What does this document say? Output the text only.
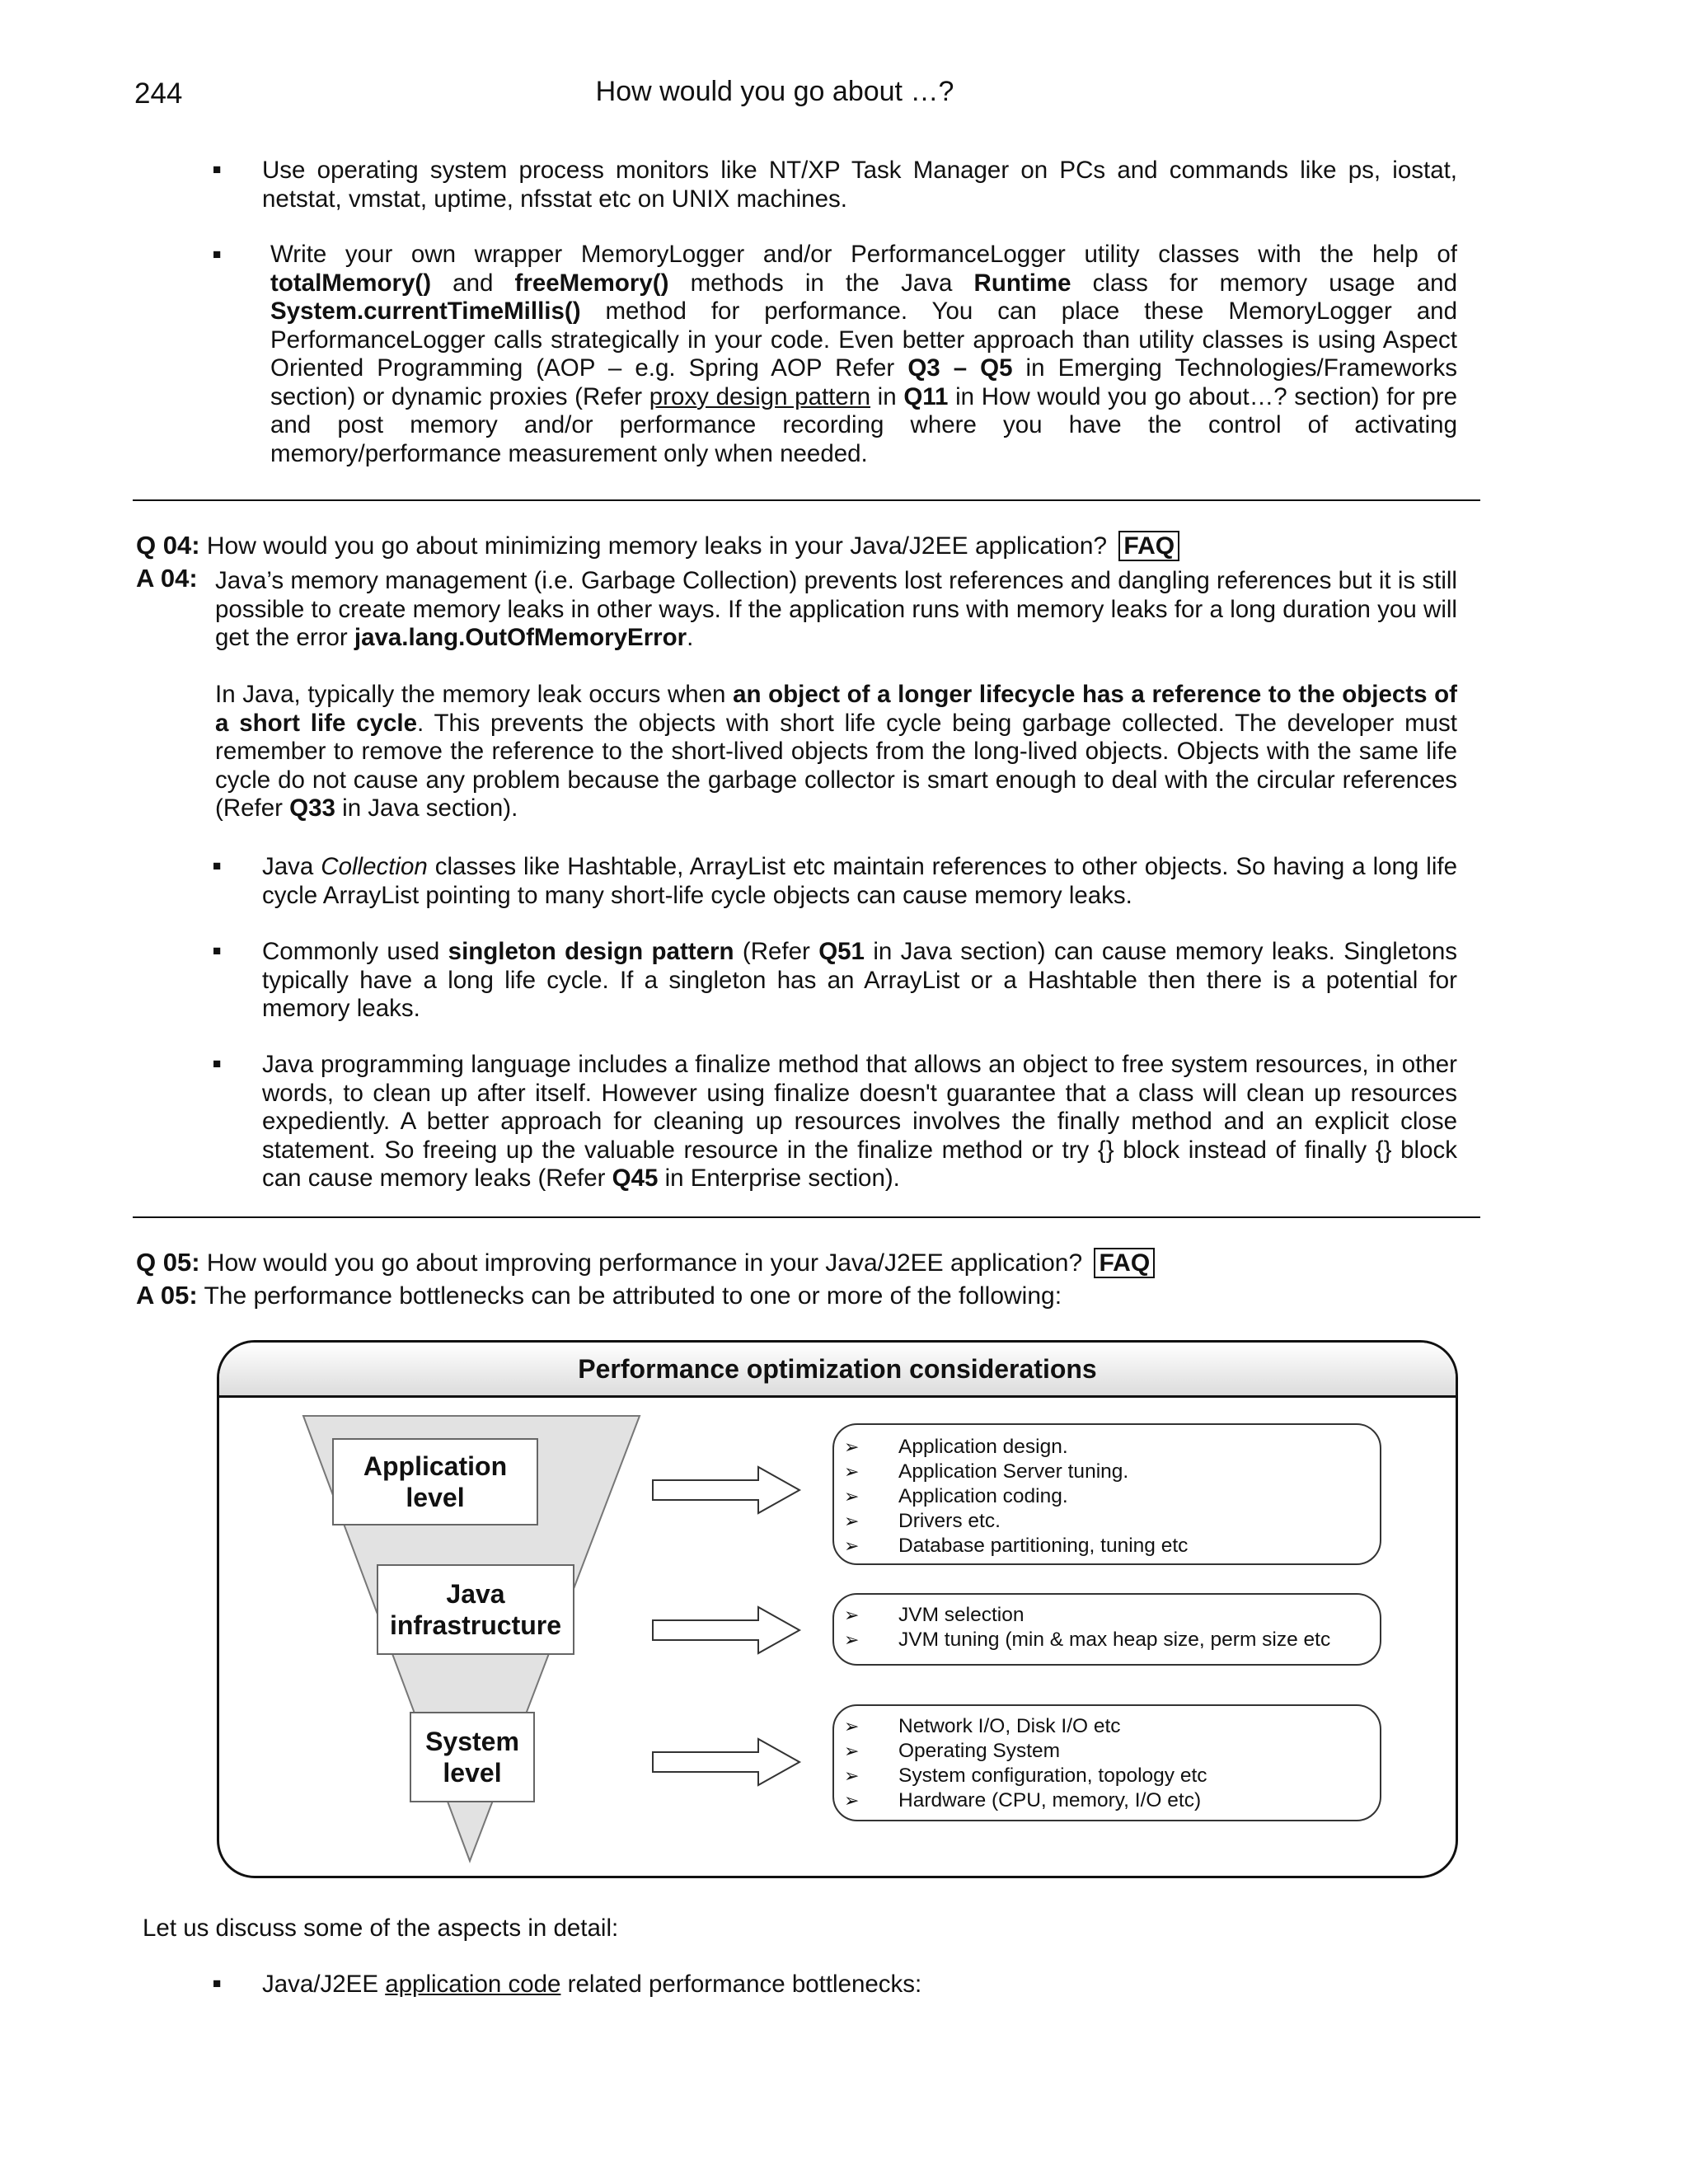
244	How would you go about …?
■ Use operating system process monitors like NT/XP Task Manager on PCs and commands like ps, iostat, netstat, vmstat, uptime, nfsstat etc on UNIX machines.
■ Write your own wrapper MemoryLogger and/or PerformanceLogger utility classes with the help of totalMemory() and freeMemory() methods in the Java Runtime class for memory usage and System.currentTimeMillis() method for performance. You can place these MemoryLogger and PerformanceLogger calls strategically in your code. Even better approach than utility classes is using Aspect Oriented Programming (AOP – e.g. Spring AOP Refer Q3 – Q5 in Emerging Technologies/Frameworks section) or dynamic proxies (Refer proxy design pattern in Q11 in How would you go about…? section) for pre and post memory and/or performance recording where you have the control of activating memory/performance measurement only when needed.
Q 04: How would you go about minimizing memory leaks in your Java/J2EE application? FAQ
A 04: Java’s memory management (i.e. Garbage Collection) prevents lost references and dangling references but it is still possible to create memory leaks in other ways. If the application runs with memory leaks for a long duration you will get the error java.lang.OutOfMemoryError.
In Java, typically the memory leak occurs when an object of a longer lifecycle has a reference to the objects of a short life cycle. This prevents the objects with short life cycle being garbage collected. The developer must remember to remove the reference to the short-lived objects from the long-lived objects. Objects with the same life cycle do not cause any problem because the garbage collector is smart enough to deal with the circular references (Refer Q33 in Java section).
■ Java Collection classes like Hashtable, ArrayList etc maintain references to other objects. So having a long life cycle ArrayList pointing to many short-life cycle objects can cause memory leaks.
■ Commonly used singleton design pattern (Refer Q51 in Java section) can cause memory leaks. Singletons typically have a long life cycle. If a singleton has an ArrayList or a Hashtable then there is a potential for memory leaks.
■ Java programming language includes a finalize method that allows an object to free system resources, in other words, to clean up after itself. However using finalize doesn't guarantee that a class will clean up resources expediently. A better approach for cleaning up resources involves the finally method and an explicit close statement. So freeing up the valuable resource in the finalize method or try {} block instead of finally {} block can cause memory leaks (Refer Q45 in Enterprise section).
Q 05: How would you go about improving performance in your Java/J2EE application? FAQ
A 05: The performance bottlenecks can be attributed to one or more of the following:
Performance optimization considerations
Application level
Java infrastructure
System level
➢ Application design.
➢ Application Server tuning.
➢ Application coding.
➢ Drivers etc.
➢ Database partitioning, tuning etc
➢ JVM selection
➢ JVM tuning (min & max heap size, perm size etc
➢ Network I/O, Disk I/O etc
➢ Operating System
➢ System configuration, topology etc
➢ Hardware (CPU, memory, I/O etc)
Let us discuss some of the aspects in detail:
■ Java/J2EE application code related performance bottlenecks:
